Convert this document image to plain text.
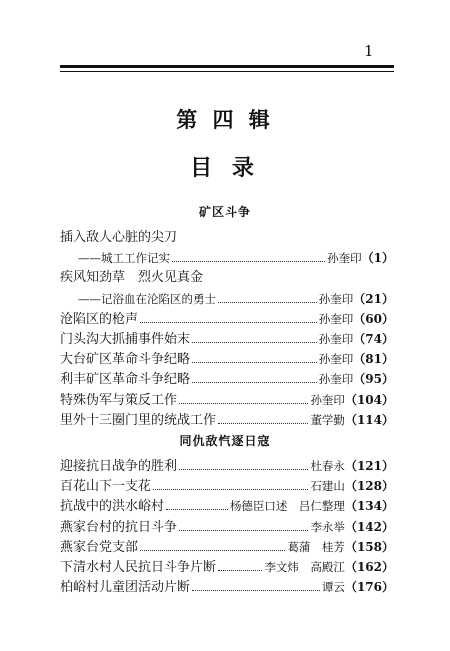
1
第 四 辑
目 录
矿区斗争
插入敌人心脏的尖刀
——城工工作记实	孙奎印 （1）
疾风知劲草　烈火见真金
——记浴血在沦陷区的勇士	孙奎印 （21）
沧陷区的枪声	孙奎印 （60）
门头沟大抓捕事件始末	孙奎印 （74）
大台矿区革命斗争纪略	孙奎印 （81）
利丰矿区革命斗争纪略	孙奎印 （95）
特殊伪军与策反工作	孙奎印 （104）
里外十三圈门里的统战工作	董学勤 （114）
同仇敌忾逐日寇
迎接抗日战争的胜利	杜春永 （121）
百花山下一支花	石建山 （128）
抗战中的洪水峪村	杨德臣口述　吕仁整理 （134）
燕家台村的抗日斗争	李永举 （142）
燕家台党支部	葛蒲　桂芳 （158）
下清水村人民抗日斗争片断	李文炜　高殿江 （162）
柏峪村儿童团活动片断	谭云 （176）
